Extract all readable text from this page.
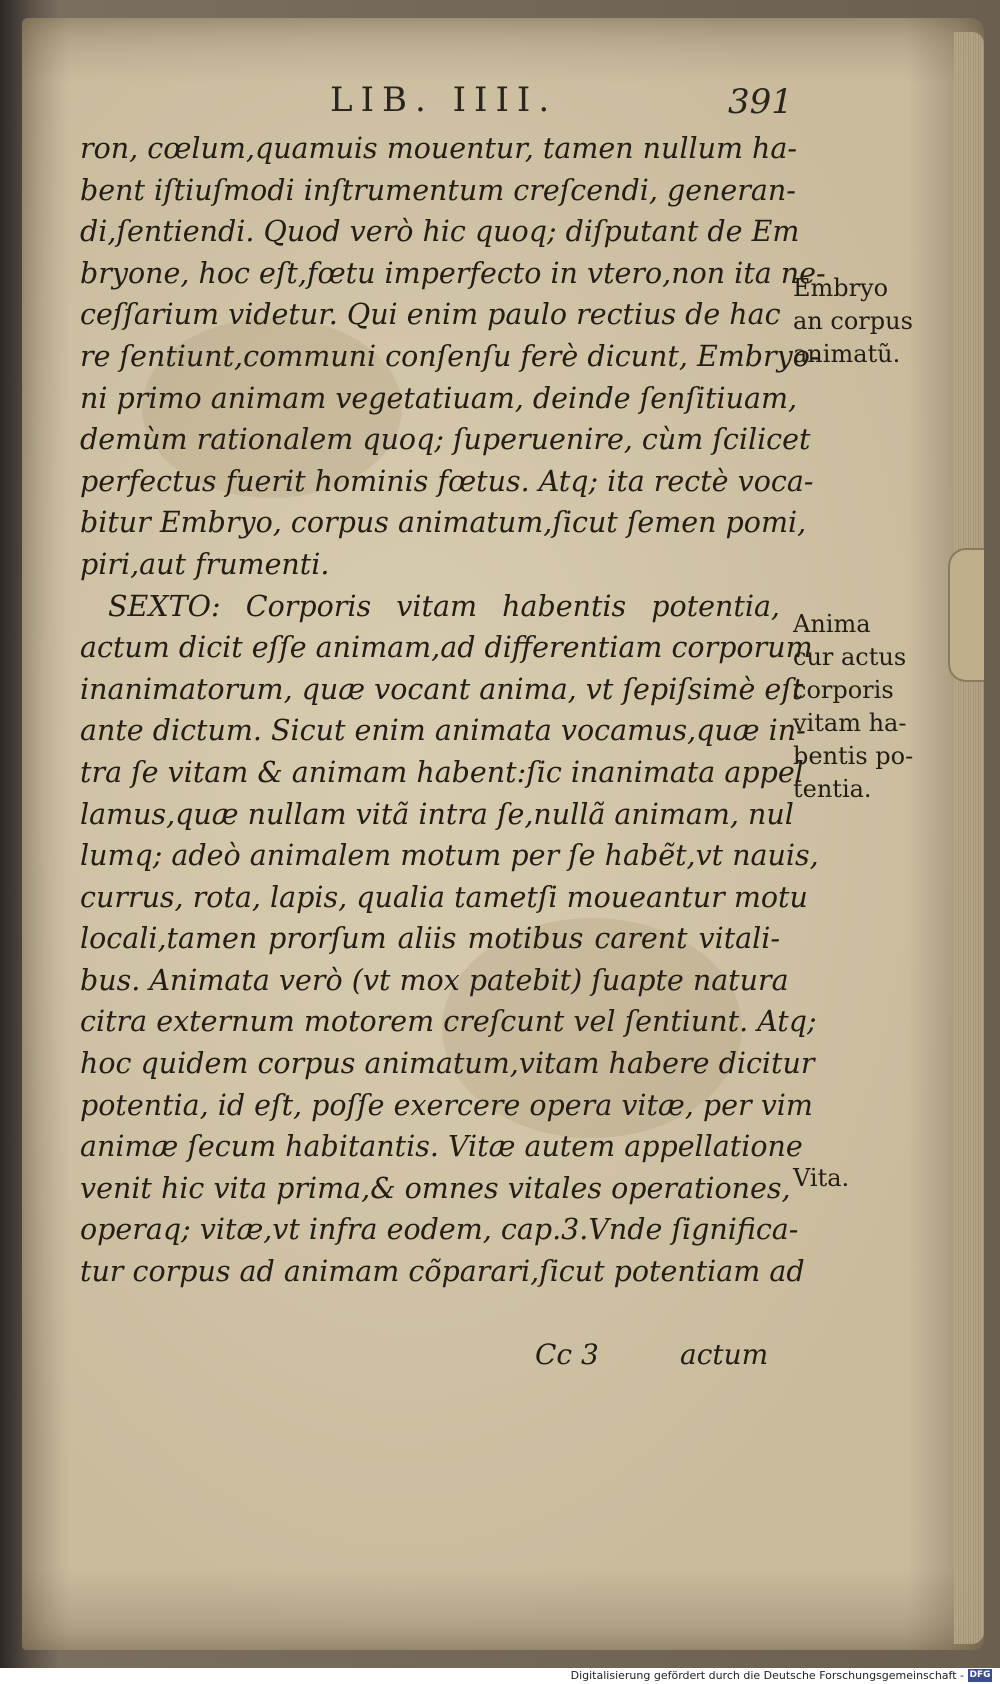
LIB. IIII.	391
ron, cœlum,quamuis mouentur, tamen nullum ha-
bent iſtiuſmodi inſtrumentum creſcendi, generan-
di,ſentiendi. Quod verò hic quoq; diſputant de Em
bryone, hoc eſt,fœtu imperfecto in vtero,non ita ne-
ceſſarium videtur. Qui enim paulo rectius de hac
re ſentiunt,communi conſenſu ferè dicunt, Embryo-
ni primo animam vegetatiuam, deinde ſenſitiuam,
demùm rationalem quoq; ſuperuenire, cùm ſcilicet
perfectus fuerit hominis fœtus. Atq; ita rectè voca-
bitur Embryo, corpus animatum,ſicut ſemen pomi,
piri,aut frumenti.
SEXTO: Corporis vitam habentis potentia,
actum dicit eſſe animam,ad differentiam corporum
inanimatorum, quæ vocant anima, vt ſepiſsimè eſt
ante dictum. Sicut enim animata vocamus,quæ in-
tra ſe vitam & animam habent:ſic inanimata appel
lamus,quæ nullam vitã intra ſe,nullã animam, nul
lumq; adeò animalem motum per ſe habẽt,vt nauis,
currus, rota, lapis, qualia tametſi moueantur motu
locali,tamen prorſum aliis motibus carent vitali-
bus. Animata verò (vt mox patebit) ſuapte natura
citra externum motorem creſcunt vel ſentiunt. Atq;
hoc quidem corpus animatum,vitam habere dicitur
potentia, id eſt, poſſe exercere opera vitæ, per vim
animæ ſecum habitantis. Vitæ autem appellatione
venit hic vita prima,& omnes vitales operationes,
operaq; vitæ,vt infra eodem, cap.3.Vnde ſignifica-
tur corpus ad animam cõparari,ſicut potentiam ad
Cc 3	actum
Embryo
an corpus
animatũ.
Anima
cur actus
corporis
vitam ha-
bentis po-
tentia.
Vita.
Digitalisierung gefördert durch die Deutsche Forschungsgemeinschaft - DFG
